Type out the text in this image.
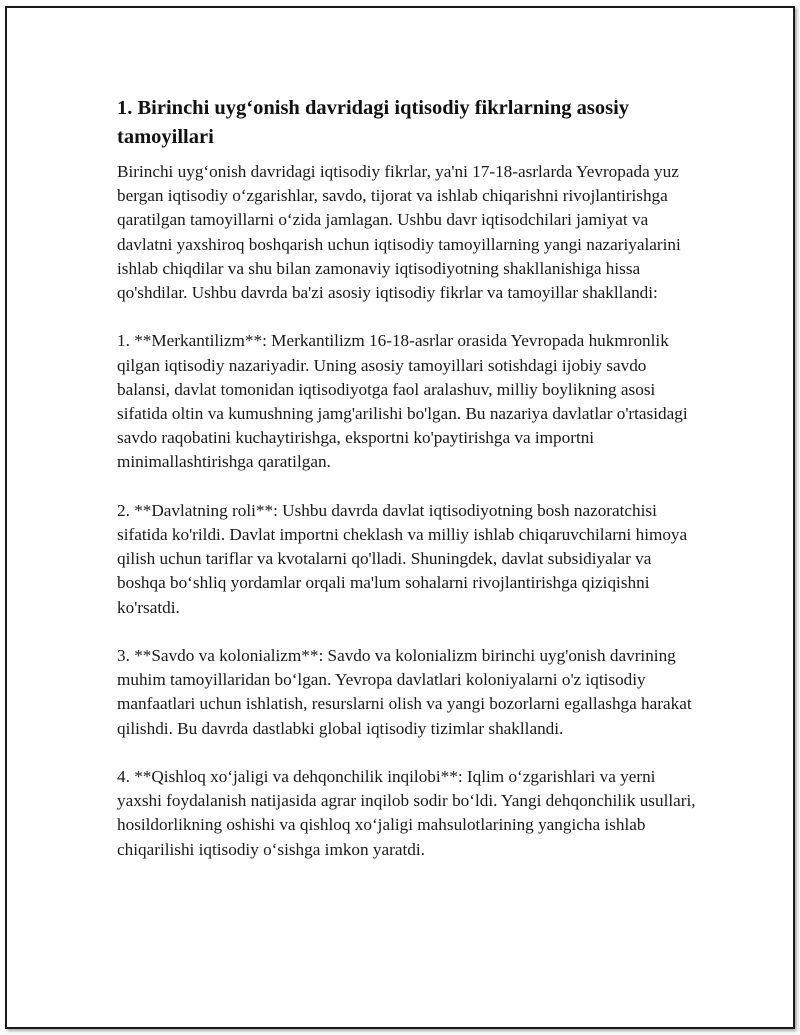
1. Birinchi uyg‘onish davridagi iqtisodiy fikrlarning asosiy tamoyillari

Birinchi uyg‘onish davridagi iqtisodiy fikrlar, ya'ni 17-18-asrlarda Yevropada yuz bergan iqtisodiy o‘zgarishlar, savdo, tijorat va ishlab chiqarishni rivojlantirishga qaratilgan tamoyillarni o‘zida jamlagan. Ushbu davr iqtisodchilari jamiyat va davlatni yaxshiroq boshqarish uchun iqtisodiy tamoyillarning yangi nazariyalarini ishlab chiqdilar va shu bilan zamonaviy iqtisodiyotning shakllanishiga hissa qo'shdilar. Ushbu davrda ba'zi asosiy iqtisodiy fikrlar va tamoyillar shakllandi:

1. **Merkantilizm**: Merkantilizm 16-18-asrlar orasida Yevropada hukmronlik qilgan iqtisodiy nazariyadir. Uning asosiy tamoyillari sotishdagi ijobiy savdo balansi, davlat tomonidan iqtisodiyotga faol aralashuv, milliy boylikning asosi sifatida oltin va kumushning jamg'arilishi bo'lgan. Bu nazariya davlatlar o'rtasidagi savdo raqobatini kuchaytirishga, eksportni ko'paytirishga va importni minimallashtirishga qaratilgan.

2. **Davlatning roli**: Ushbu davrda davlat iqtisodiyotning bosh nazoratchisi sifatida ko'rildi. Davlat importni cheklash va milliy ishlab chiqaruvchilarni himoya qilish uchun tariflar va kvotalarni qo'lladi. Shuningdek, davlat subsidiyalar va boshqa bo‘shliq yordamlar orqali ma'lum sohalarni rivojlantirishga qiziqishni ko'rsatdi.

3. **Savdo va kolonializm**: Savdo va kolonializm birinchi uyg'onish davrining muhim tamoyillaridan bo‘lgan. Yevropa davlatlari koloniyalarni o'z iqtisodiy manfaatlari uchun ishlatish, resurslarni olish va yangi bozorlarni egallashga harakat qilishdi. Bu davrda dastlabki global iqtisodiy tizimlar shakllandi.

4. **Qishloq xo‘jaligi va dehqonchilik inqilobi**: Iqlim o‘zgarishlari va yerni yaxshi foydalanish natijasida agrar inqilob sodir bo‘ldi. Yangi dehqonchilik usullari, hosildorlikning oshishi va qishloq xo‘jaligi mahsulotlarining yangicha ishlab chiqarilishi iqtisodiy o‘sishga imkon yaratdi.
